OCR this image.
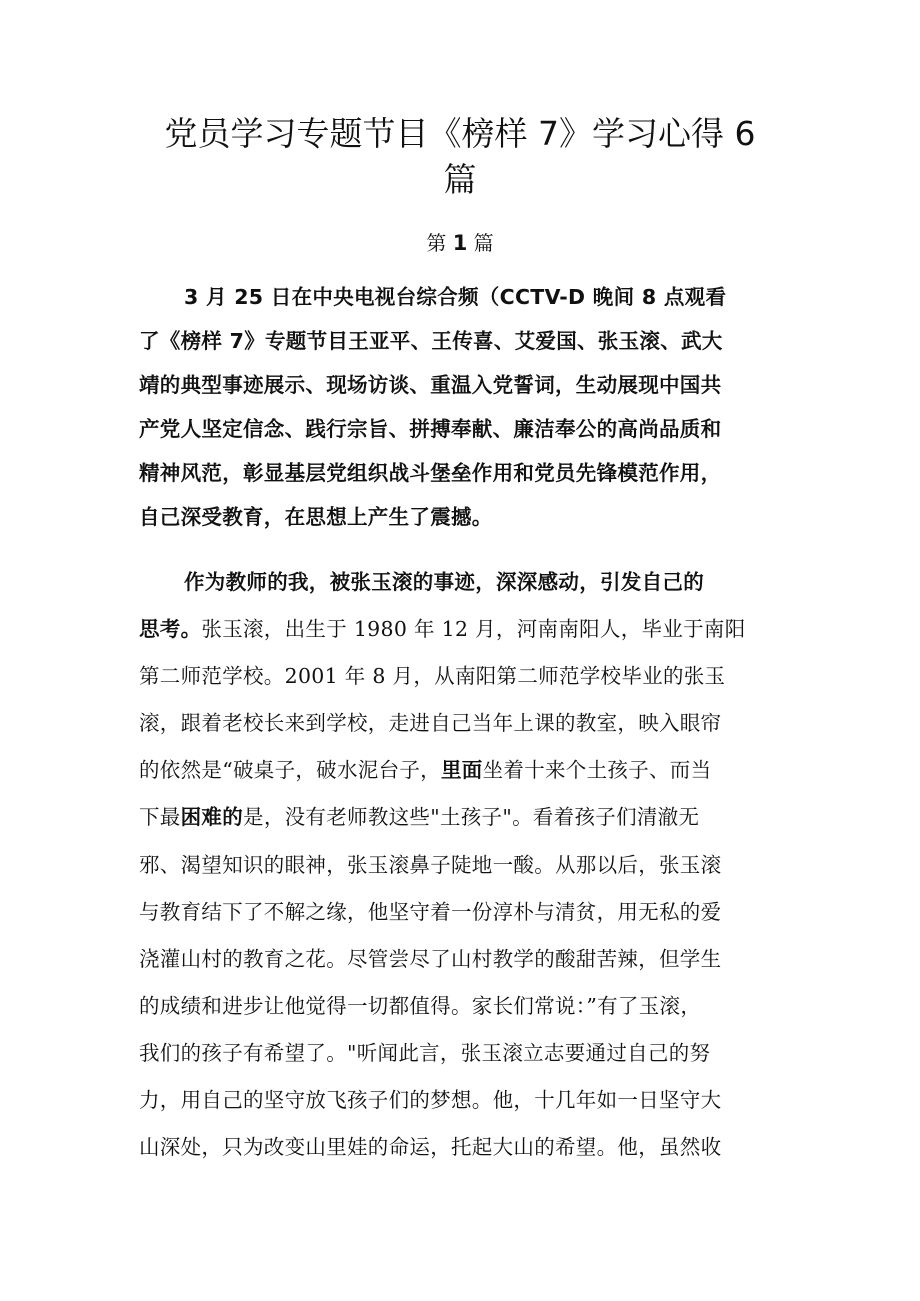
党员学习专题节目《榜样 7》学习心得 6
篇
第 1 篇
3 月 25 日在中央电视台综合频（CCTV-D 晚间 8 点观看
了《榜样 7》专题节目王亚平、王传喜、艾爱国、张玉滚、武大
靖的典型事迹展示、现场访谈、重温入党誓词，生动展现中国共
产党人坚定信念、践行宗旨、拼搏奉献、廉洁奉公的高尚品质和
精神风范，彰显基层党组织战斗堡垒作用和党员先锋模范作用，
自己深受教育，在思想上产生了震撼。
作为教师的我，被张玉滚的事迹，深深感动，引发自己的
思考。张玉滚，出生于 1980 年 12 月，河南南阳人，毕业于南阳
第二师范学校。2001 年 8 月，从南阳第二师范学校毕业的张玉
滚，跟着老校长来到学校，走进自己当年上课的教室，映入眼帘
的依然是“破桌子，破水泥台子，里面坐着十来个土孩子、而当
下最困难的是，没有老师教这些"土孩子"。看着孩子们清澈无
邪、渴望知识的眼神，张玉滚鼻子陡地一酸。从那以后，张玉滚
与教育结下了不解之缘，他坚守着一份淳朴与清贫，用无私的爱
浇灌山村的教育之花。尽管尝尽了山村教学的酸甜苦辣，但学生
的成绩和进步让他觉得一切都值得。家长们常说：”有了玉滚，
我们的孩子有希望了。"听闻此言，张玉滚立志要通过自己的努
力，用自己的坚守放飞孩子们的梦想。他，十几年如一日坚守大
山深处，只为改变山里娃的命运，托起大山的希望。他，虽然收
